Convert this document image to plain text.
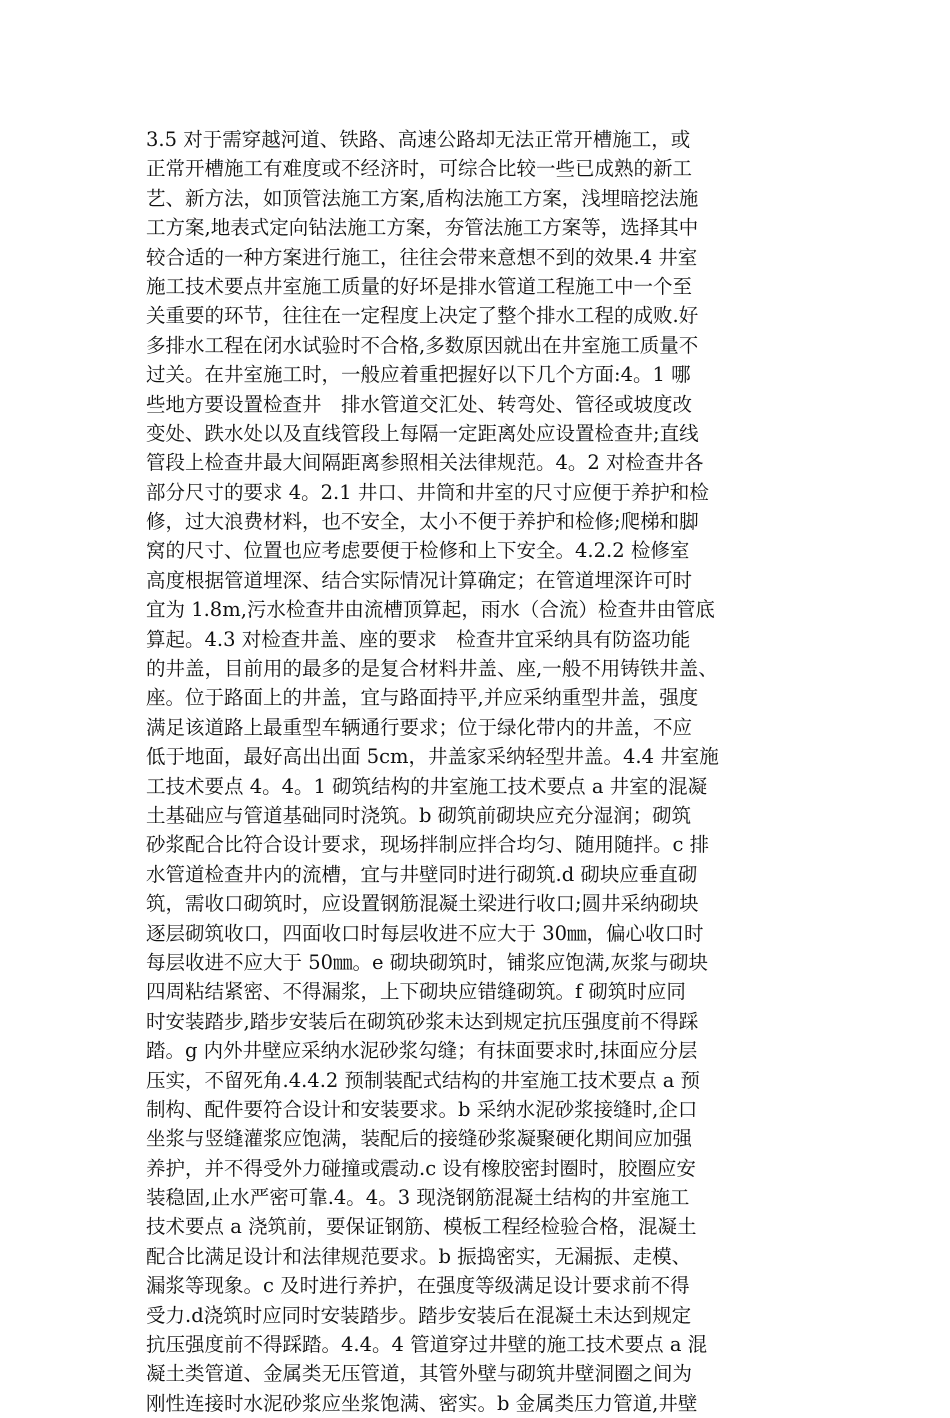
3.5 对于需穿越河道、铁路、高速公路却无法正常开槽施工，或
正常开槽施工有难度或不经济时，可综合比较一些已成熟的新工
艺、新方法，如顶管法施工方案,盾构法施工方案，浅埋暗挖法施
工方案,地表式定向钻法施工方案，夯管法施工方案等，选择其中
较合适的一种方案进行施工，往往会带来意想不到的效果.4 井室
施工技术要点井室施工质量的好坏是排水管道工程施工中一个至
关重要的环节，往往在一定程度上决定了整个排水工程的成败.好
多排水工程在闭水试验时不合格,多数原因就出在井室施工质量不
过关。在井室施工时，一般应着重把握好以下几个方面:4。1 哪
些地方要设置检查井　排水管道交汇处、转弯处、管径或坡度改
变处、跌水处以及直线管段上每隔一定距离处应设置检查井;直线
管段上检查井最大间隔距离参照相关法律规范。4。2 对检查井各
部分尺寸的要求 4。2.1 井口、井筒和井室的尺寸应便于养护和检
修，过大浪费材料，也不安全，太小不便于养护和检修;爬梯和脚
窝的尺寸、位置也应考虑要便于检修和上下安全。4.2.2 检修室
高度根据管道埋深、结合实际情况计算确定；在管道埋深许可时
宜为 1.8m,污水检查井由流槽顶算起，雨水（合流）检查井由管底
算起。4.3 对检查井盖、座的要求　检查井宜采纳具有防盗功能
的井盖，目前用的最多的是复合材料井盖、座,一般不用铸铁井盖、
座。位于路面上的井盖，宜与路面持平,并应采纳重型井盖，强度
满足该道路上最重型车辆通行要求；位于绿化带内的井盖，不应
低于地面，最好高出出面 5cm，井盖家采纳轻型井盖。4.4 井室施
工技术要点 4。4。1 砌筑结构的井室施工技术要点 a 井室的混凝
土基础应与管道基础同时浇筑。b 砌筑前砌块应充分湿润；砌筑
砂浆配合比符合设计要求，现场拌制应拌合均匀、随用随拌。c 排
水管道检查井内的流槽，宜与井壁同时进行砌筑.d 砌块应垂直砌
筑，需收口砌筑时，应设置钢筋混凝土梁进行收口;圆井采纳砌块
逐层砌筑收口，四面收口时每层收进不应大于 30㎜，偏心收口时
每层收进不应大于 50㎜。e 砌块砌筑时，铺浆应饱满,灰浆与砌块
四周粘结紧密、不得漏浆，上下砌块应错缝砌筑。f 砌筑时应同
时安装踏步,踏步安装后在砌筑砂浆未达到规定抗压强度前不得踩
踏。g 内外井壁应采纳水泥砂浆勾缝；有抹面要求时,抹面应分层
压实，不留死角.4.4.2 预制装配式结构的井室施工技术要点 a 预
制构、配件要符合设计和安装要求。b 采纳水泥砂浆接缝时,企口
坐浆与竖缝灌浆应饱满，装配后的接缝砂浆凝聚硬化期间应加强
养护，并不得受外力碰撞或震动.c 设有橡胶密封圈时，胶圈应安
装稳固,止水严密可靠.4。4。3 现浇钢筋混凝土结构的井室施工
技术要点 a 浇筑前，要保证钢筋、模板工程经检验合格，混凝土
配合比满足设计和法律规范要求。b 振捣密实，无漏振、走模、
漏浆等现象。c 及时进行养护，在强度等级满足设计要求前不得
受力.d浇筑时应同时安装踏步。踏步安装后在混凝土未达到规定
抗压强度前不得踩踏。4.4。4 管道穿过井壁的施工技术要点 a 混
凝土类管道、金属类无压管道，其管外壁与砌筑井壁洞圈之间为
刚性连接时水泥砂浆应坐浆饱满、密实。b 金属类压力管道,井壁
